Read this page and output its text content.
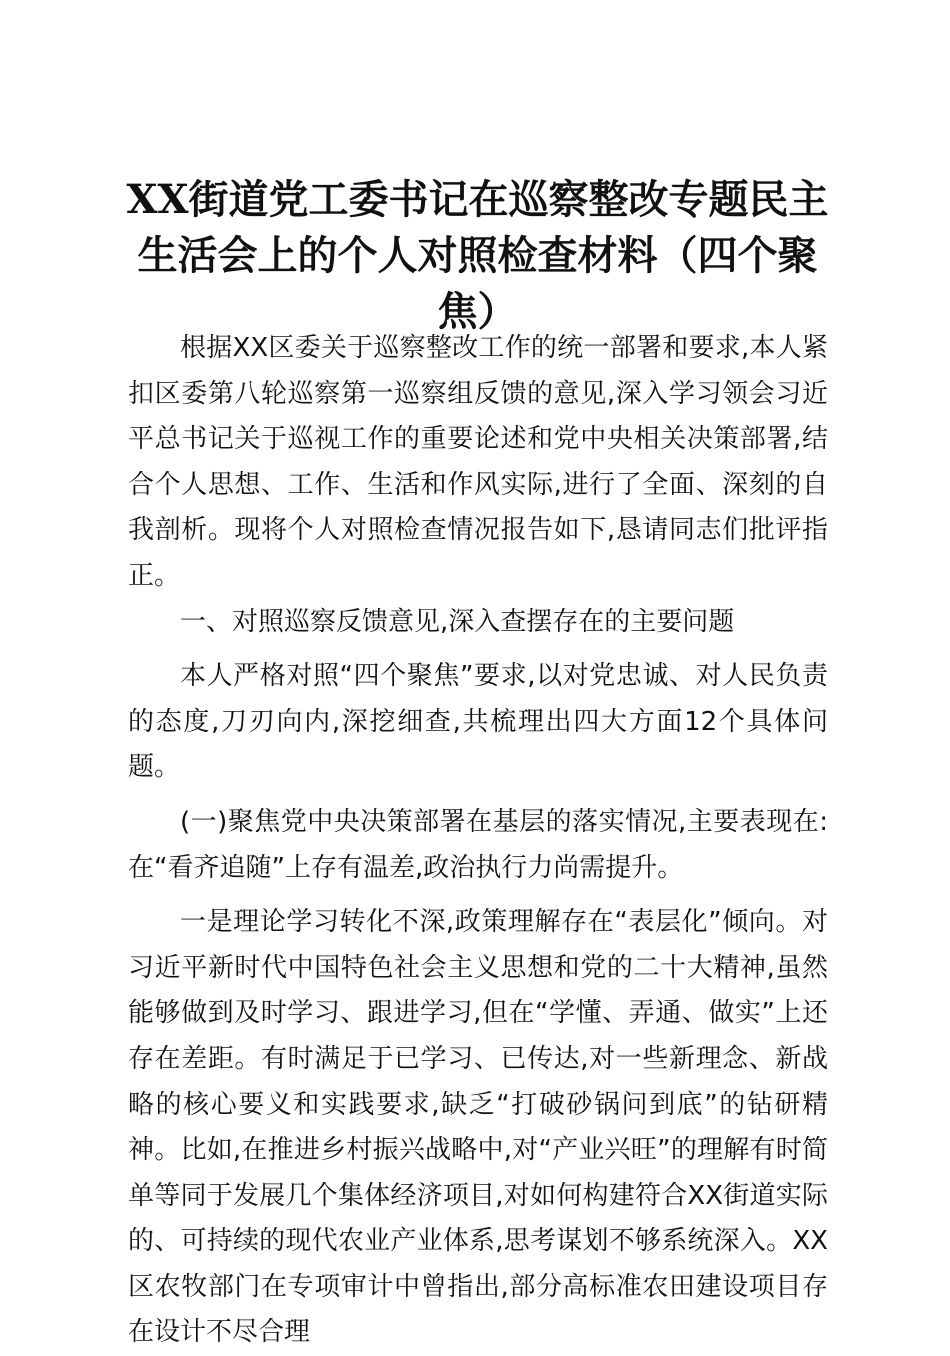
XX街道党工委书记在巡察整改专题民主生活会上的个人对照检查材料（四个聚焦）

根据XX区委关于巡察整改工作的统一部署和要求,本人紧扣区委第八轮巡察第一巡察组反馈的意见,深入学习领会习近平总书记关于巡视工作的重要论述和党中央相关决策部署,结合个人思想、工作、生活和作风实际,进行了全面、深刻的自我剖析。现将个人对照检查情况报告如下,恳请同志们批评指正。

一、对照巡察反馈意见,深入查摆存在的主要问题

本人严格对照“四个聚焦”要求,以对党忠诚、对人民负责的态度,刀刃向内,深挖细查,共梳理出四大方面12个具体问题。

(一)聚焦党中央决策部署在基层的落实情况,主要表现在:在“看齐追随”上存有温差,政治执行力尚需提升。

一是理论学习转化不深,政策理解存在“表层化”倾向。对习近平新时代中国特色社会主义思想和党的二十大精神,虽然能够做到及时学习、跟进学习,但在“学懂、弄通、做实”上还存在差距。有时满足于已学习、已传达,对一些新理念、新战略的核心要义和实践要求,缺乏“打破砂锅问到底”的钻研精神。比如,在推进乡村振兴战略中,对“产业兴旺”的理解有时简单等同于发展几个集体经济项目,对如何构建符合XX街道实际的、可持续的现代农业产业体系,思考谋划不够系统深入。XX区农牧部门在专项审计中曾指出,部分高标准农田建设项目存在设计不尽合理
